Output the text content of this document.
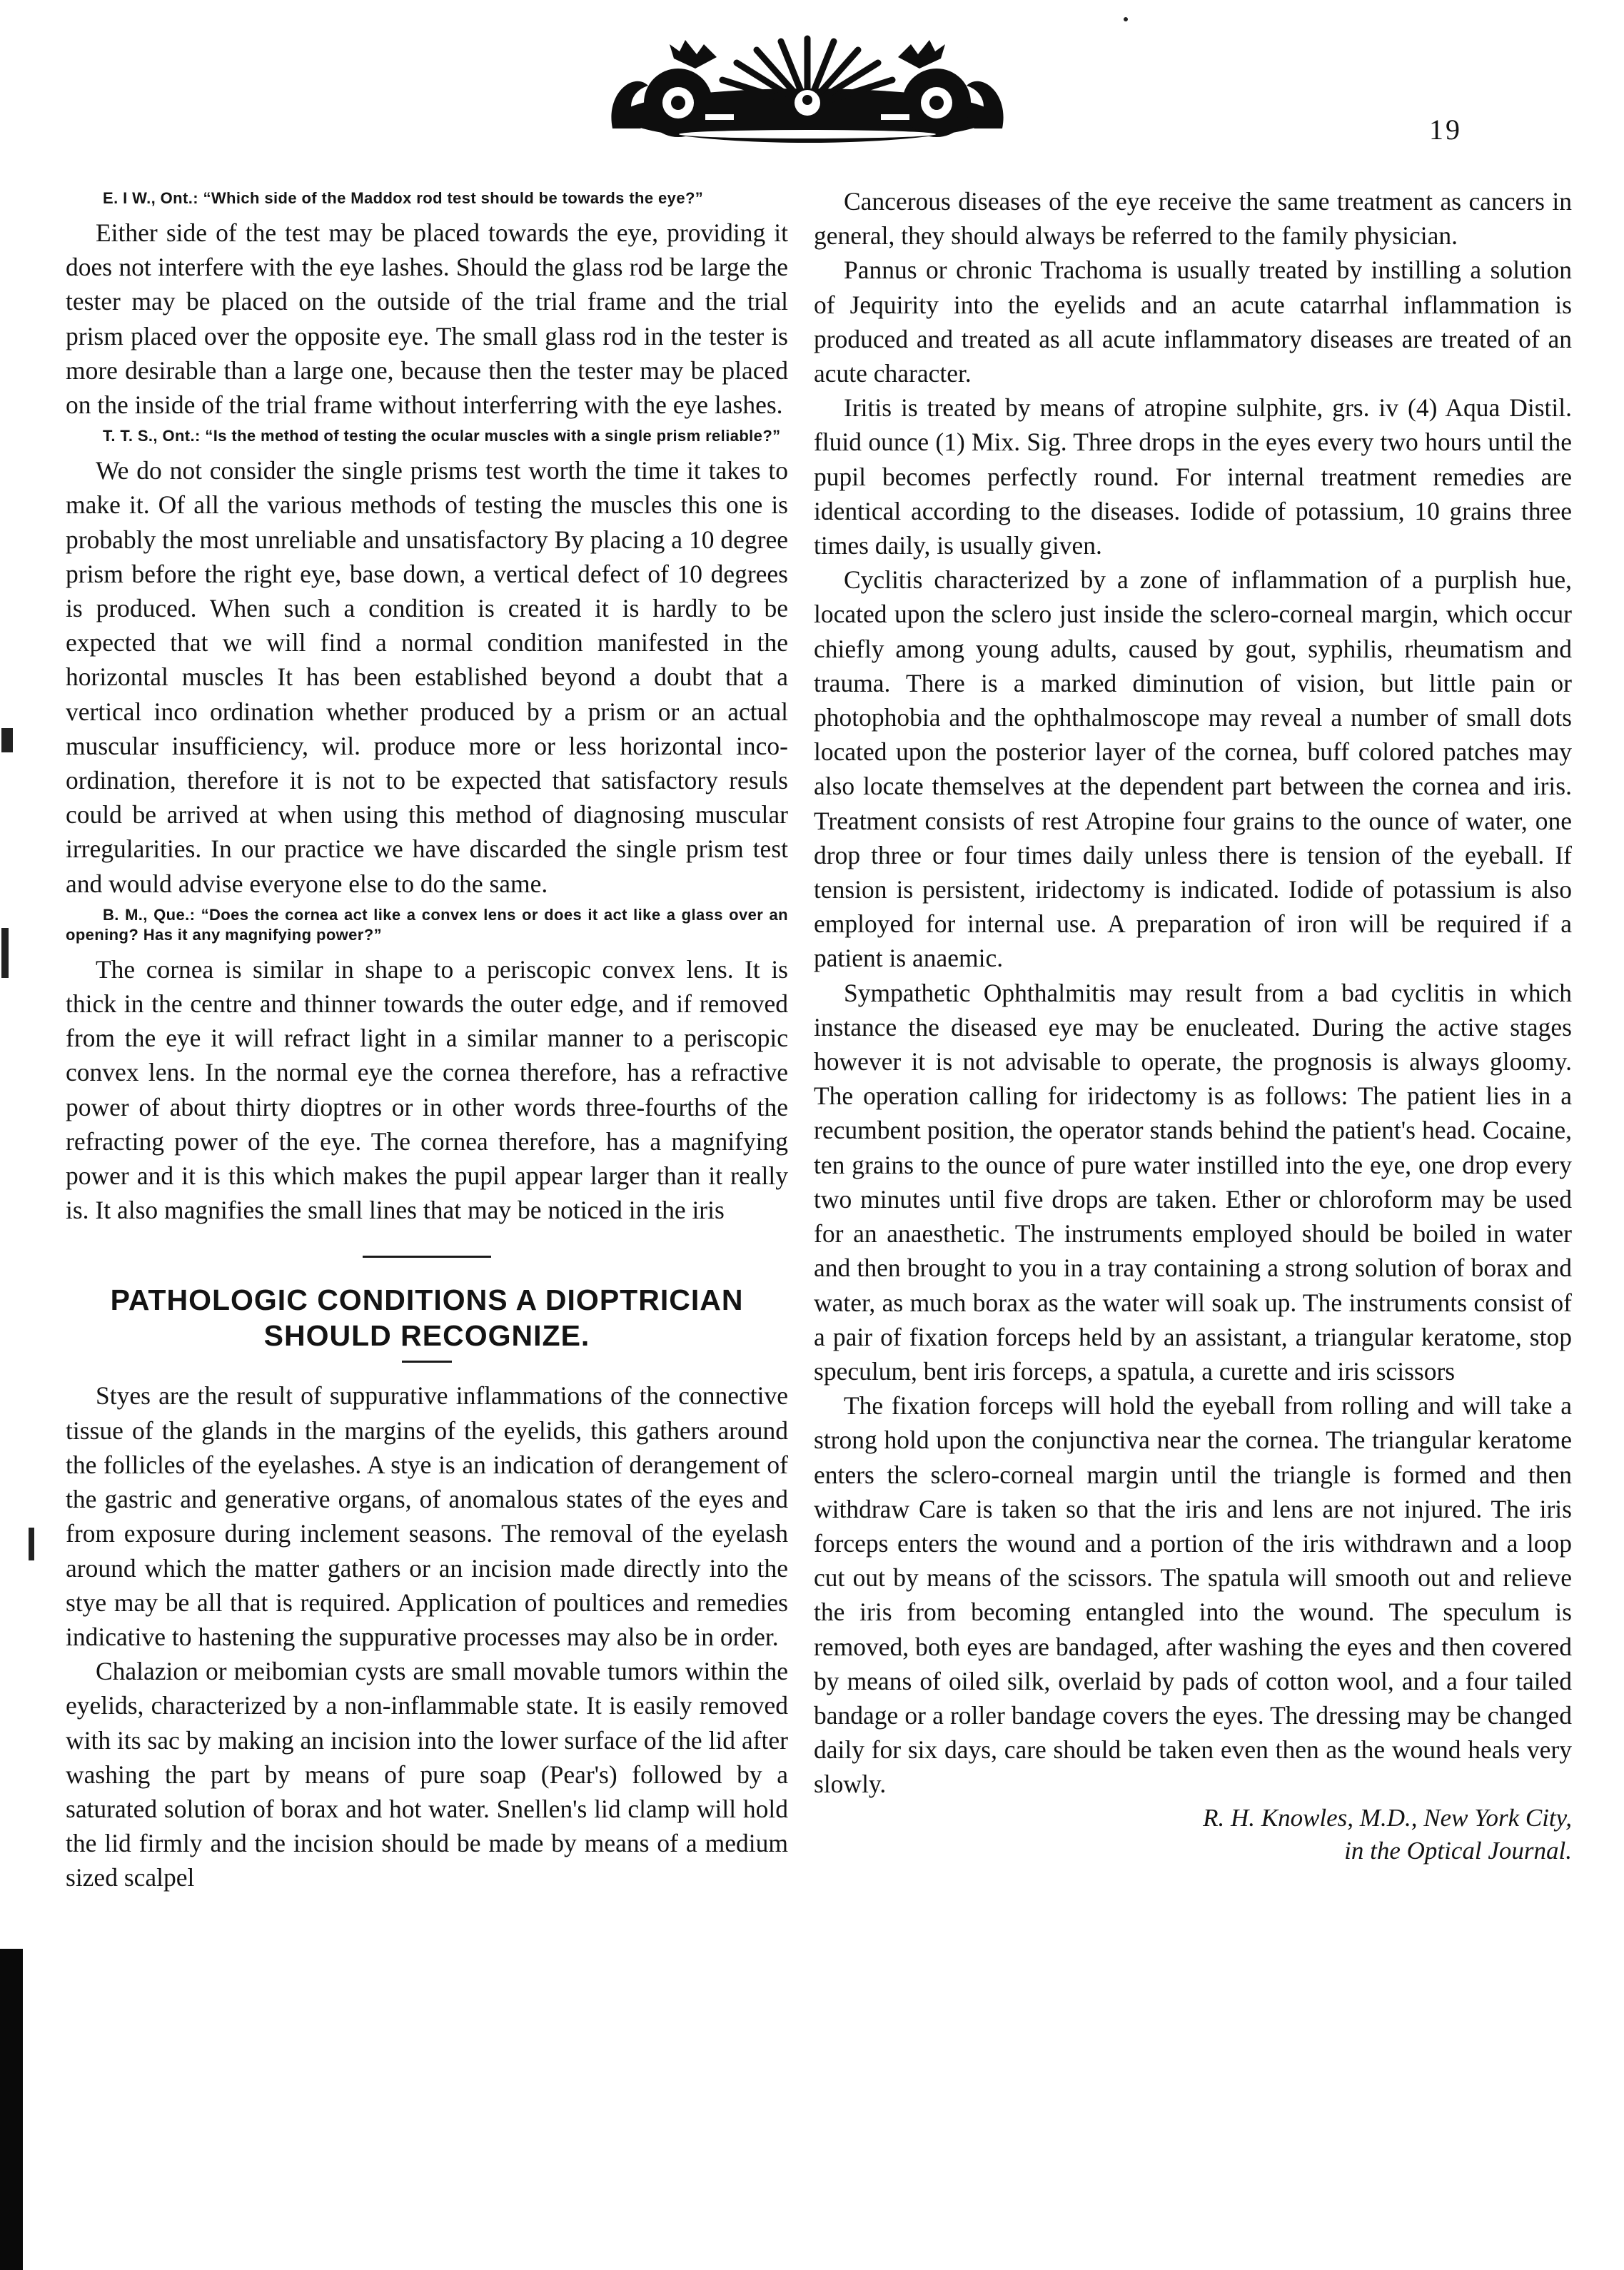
19

E. I W., Ont.: “Which side of the Maddox rod test should be towards the eye?”

Either side of the test may be placed towards the eye, providing it does not interfere with the eye lashes. Should the glass rod be large the tester may be placed on the outside of the trial frame and the trial prism placed over the opposite eye. The small glass rod in the tester is more desirable than a large one, because then the tester may be placed on the inside of the trial frame without interferring with the eye lashes.

T. T. S., Ont.: “Is the method of testing the ocular muscles with a single prism reliable?”

We do not consider the single prisms test worth the time it takes to make it. Of all the various methods of testing the muscles this one is probably the most unreliable and unsatisfactory By placing a 10 degree prism before the right eye, base down, a vertical defect of 10 degrees is produced. When such a condition is created it is hardly to be expected that we will find a normal condition manifested in the horizontal muscles It has been established beyond a doubt that a vertical inco ordination whether produced by a prism or an actual muscular insufficiency, wil. produce more or less horizontal inco-ordination, therefore it is not to be expected that satisfactory resuls could be arrived at when using this method of diagnosing muscular irregularities. In our practice we have discarded the single prism test and would advise everyone else to do the same.

B. M., Que.: “Does the cornea act like a convex lens or does it act like a glass over an opening? Has it any magnifying power?”

The cornea is similar in shape to a periscopic convex lens. It is thick in the centre and thinner towards the outer edge, and if removed from the eye it will refract light in a similar manner to a periscopic convex lens. In the normal eye the cornea therefore, has a refractive power of about thirty dioptres or in other words three-fourths of the refracting power of the eye. The cornea therefore, has a magnifying power and it is this which makes the pupil appear larger than it really is. It also magnifies the small lines that may be noticed in the iris

PATHOLOGIC CONDITIONS A DIOPTRICIAN SHOULD RECOGNIZE.

Styes are the result of suppurative inflammations of the connective tissue of the glands in the margins of the eyelids, this gathers around the follicles of the eyelashes. A stye is an indication of derangement of the gastric and generative organs, of anomalous states of the eyes and from exposure during inclement seasons. The removal of the eyelash around which the matter gathers or an incision made directly into the stye may be all that is required. Application of poultices and remedies indicative to hastening the suppurative processes may also be in order.

Chalazion or meibomian cysts are small movable tumors within the eyelids, characterized by a non-inflammable state. It is easily removed with its sac by making an incision into the lower surface of the lid after washing the part by means of pure soap (Pear's) followed by a saturated solution of borax and hot water. Snellen's lid clamp will hold the lid firmly and the incision should be made by means of a medium sized scalpel

Cancerous diseases of the eye receive the same treatment as cancers in general, they should always be referred to the family physician.

Pannus or chronic Trachoma is usually treated by instilling a solution of Jequirity into the eyelids and an acute catarrhal inflammation is produced and treated as all acute inflammatory diseases are treated of an acute character.

Iritis is treated by means of atropine sulphite, grs. iv (4) Aqua Distil. fluid ounce (1) Mix. Sig. Three drops in the eyes every two hours until the pupil becomes perfectly round. For internal treatment remedies are identical according to the diseases. Iodide of potassium, 10 grains three times daily, is usually given.

Cyclitis characterized by a zone of inflammation of a purplish hue, located upon the sclero just inside the sclero-corneal margin, which occur chiefly among young adults, caused by gout, syphilis, rheumatism and trauma. There is a marked diminution of vision, but little pain or photophobia and the ophthalmoscope may reveal a number of small dots located upon the posterior layer of the cornea, buff colored patches may also locate themselves at the dependent part between the cornea and iris. Treatment consists of rest Atropine four grains to the ounce of water, one drop three or four times daily unless there is tension of the eyeball. If tension is persistent, iridectomy is indicated. Iodide of potassium is also employed for internal use. A preparation of iron will be required if a patient is anaemic.

Sympathetic Ophthalmitis may result from a bad cyclitis in which instance the diseased eye may be enucleated. During the active stages however it is not advisable to operate, the prognosis is always gloomy. The operation calling for iridectomy is as follows: The patient lies in a recumbent position, the operator stands behind the patient's head. Cocaine, ten grains to the ounce of pure water instilled into the eye, one drop every two minutes until five drops are taken. Ether or chloroform may be used for an anaesthetic. The instruments employed should be boiled in water and then brought to you in a tray containing a strong solution of borax and water, as much borax as the water will soak up. The instruments consist of a pair of fixation forceps held by an assistant, a triangular keratome, stop speculum, bent iris forceps, a spatula, a curette and iris scissors

The fixation forceps will hold the eyeball from rolling and will take a strong hold upon the conjunctiva near the cornea. The triangular keratome enters the sclero-corneal margin until the triangle is formed and then withdraw Care is taken so that the iris and lens are not injured. The iris forceps enters the wound and a portion of the iris withdrawn and a loop cut out by means of the scissors. The spatula will smooth out and relieve the iris from becoming entangled into the wound. The speculum is removed, both eyes are bandaged, after washing the eyes and then covered by means of oiled silk, overlaid by pads of cotton wool, and a four tailed bandage or a roller bandage covers the eyes. The dressing may be changed daily for six days, care should be taken even then as the wound heals very slowly.

R. H. Knowles, M.D., New York City,
in the Optical Journal.
